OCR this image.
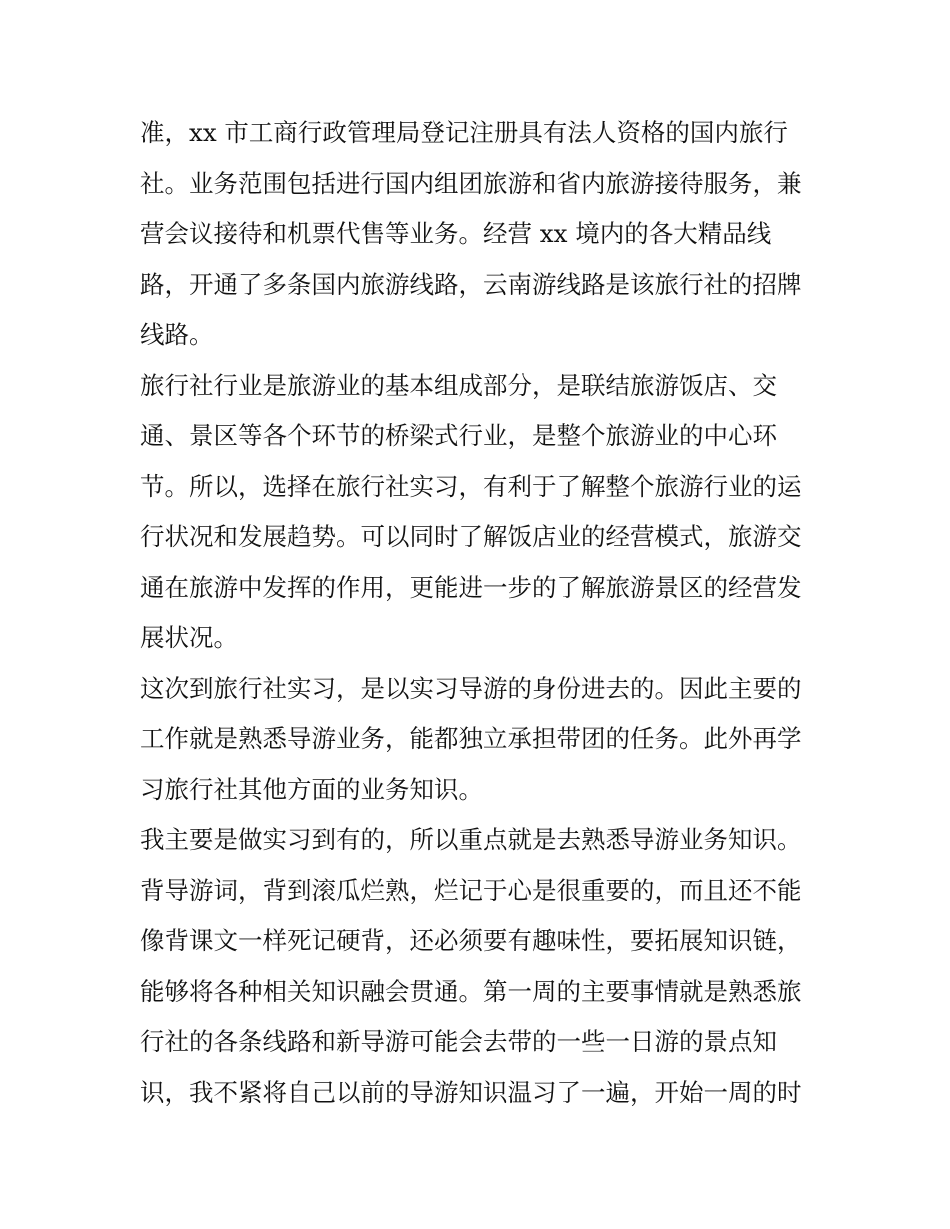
准，xx 市工商行政管理局登记注册具有法人资格的国内旅行
社。业务范围包括进行国内组团旅游和省内旅游接待服务，兼
营会议接待和机票代售等业务。经营 xx 境内的各大精品线
路，开通了多条国内旅游线路，云南游线路是该旅行社的招牌
线路。
旅行社行业是旅游业的基本组成部分，是联结旅游饭店、交
通、景区等各个环节的桥梁式行业，是整个旅游业的中心环
节。所以，选择在旅行社实习，有利于了解整个旅游行业的运
行状况和发展趋势。可以同时了解饭店业的经营模式，旅游交
通在旅游中发挥的作用，更能进一步的了解旅游景区的经营发
展状况。
这次到旅行社实习，是以实习导游的身份进去的。因此主要的
工作就是熟悉导游业务，能都独立承担带团的任务。此外再学
习旅行社其他方面的业务知识。
我主要是做实习到有的，所以重点就是去熟悉导游业务知识。
背导游词，背到滚瓜烂熟，烂记于心是很重要的，而且还不能
像背课文一样死记硬背，还必须要有趣味性，要拓展知识链，
能够将各种相关知识融会贯通。第一周的主要事情就是熟悉旅
行社的各条线路和新导游可能会去带的一些一日游的景点知
识，我不紧将自己以前的导游知识温习了一遍，开始一周的时
